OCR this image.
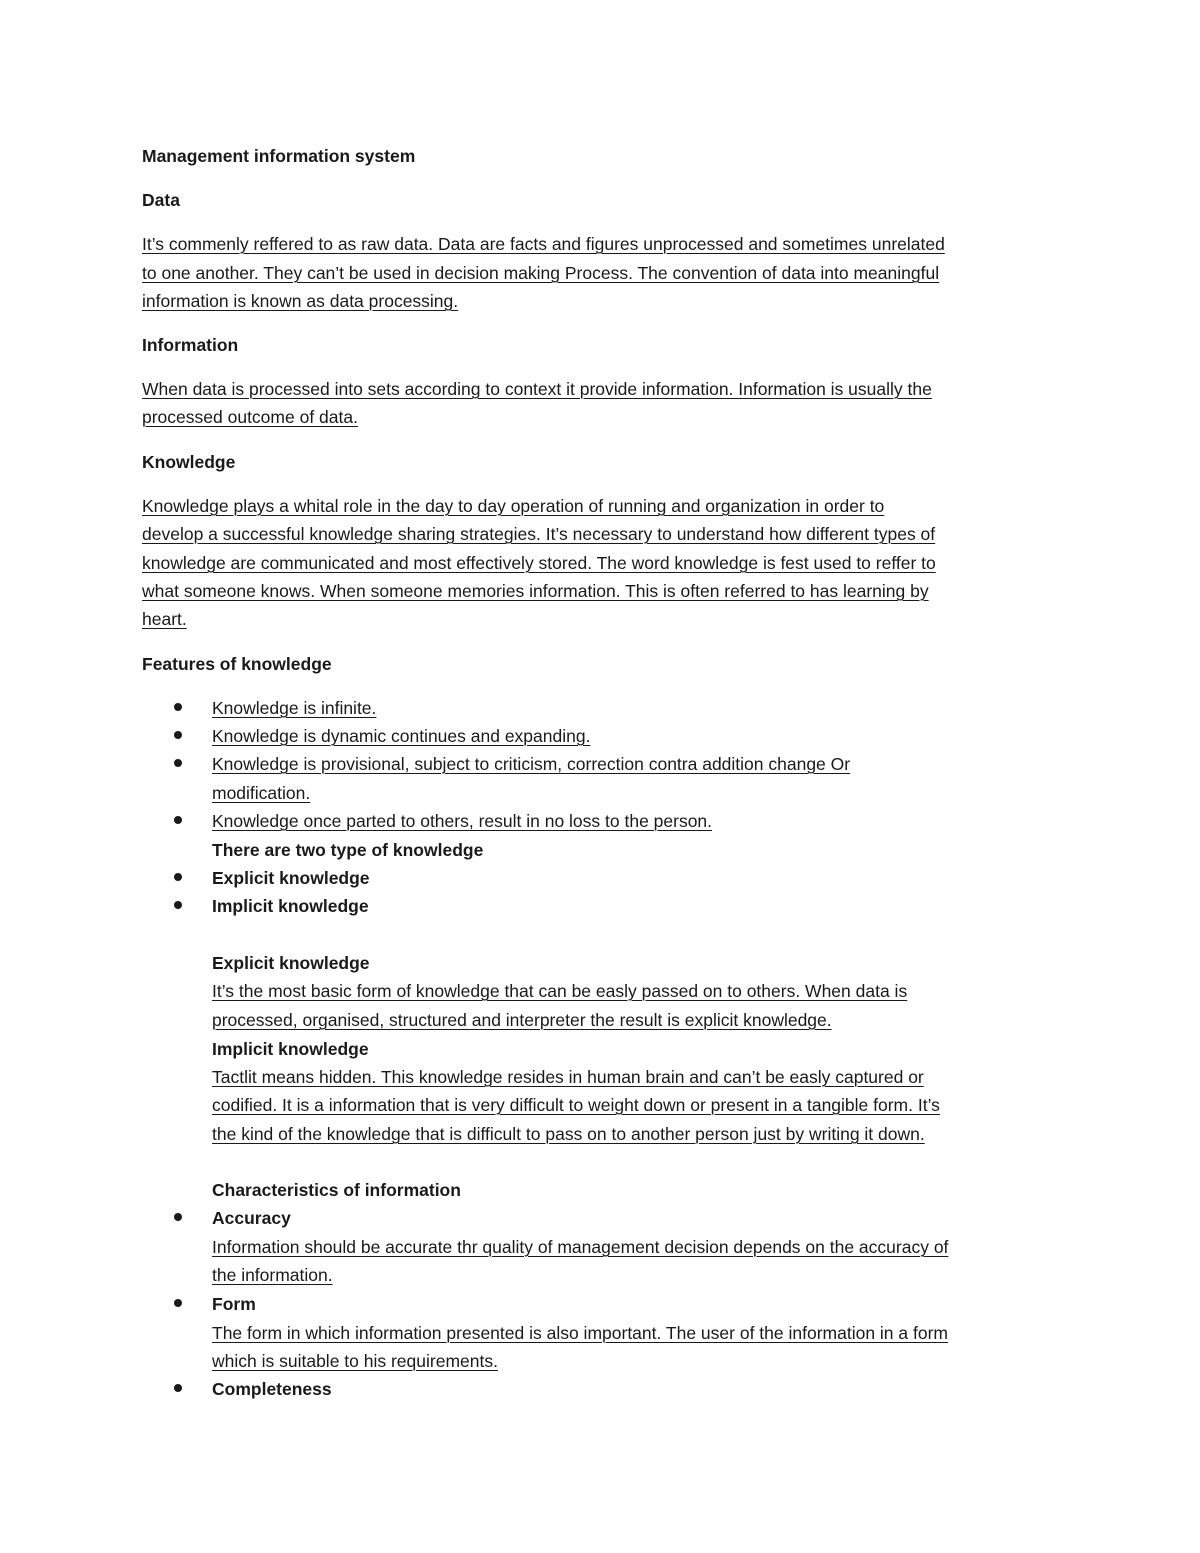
Management information system
Data
It’s commenly reffered to as raw data. Data are facts and figures unprocessed and sometimes unrelated
to one another. They can’t be used in decision making Process. The convention of data into meaningful
information is known as data processing.
Information
When data is processed into sets according to context it provide information. Information is usually the
processed outcome of data.
Knowledge
Knowledge plays a whital role in the day to day operation of running and organization in order to
develop a successful knowledge sharing strategies. It’s necessary to understand how different types of
knowledge are communicated and most effectively stored. The word knowledge is fest used to reffer to
what someone knows. When someone memories information. This is often referred to has learning by
heart.
Features of knowledge
Knowledge is infinite.
Knowledge is dynamic continues and expanding.
Knowledge is provisional, subject to criticism, correction contra addition change Or
modification.
Knowledge once parted to others, result in no loss to the person.
There are two type of knowledge
Explicit knowledge
Implicit knowledge
Explicit knowledge
It’s the most basic form of knowledge that can be easly passed on to others. When data is
processed, organised, structured and interpreter the result is explicit knowledge.
Implicit knowledge
Tactlit means hidden. This knowledge resides in human brain and can’t be easly captured or
codified. It is a information that is very difficult to weight down or present in a tangible form. It’s
the kind of the knowledge that is difficult to pass on to another person just by writing it down.
Characteristics of information
Accuracy
Information should be accurate thr quality of management decision depends on the accuracy of
the information.
Form
The form in which information presented is also important. The user of the information in a form
which is suitable to his requirements.
Completeness
